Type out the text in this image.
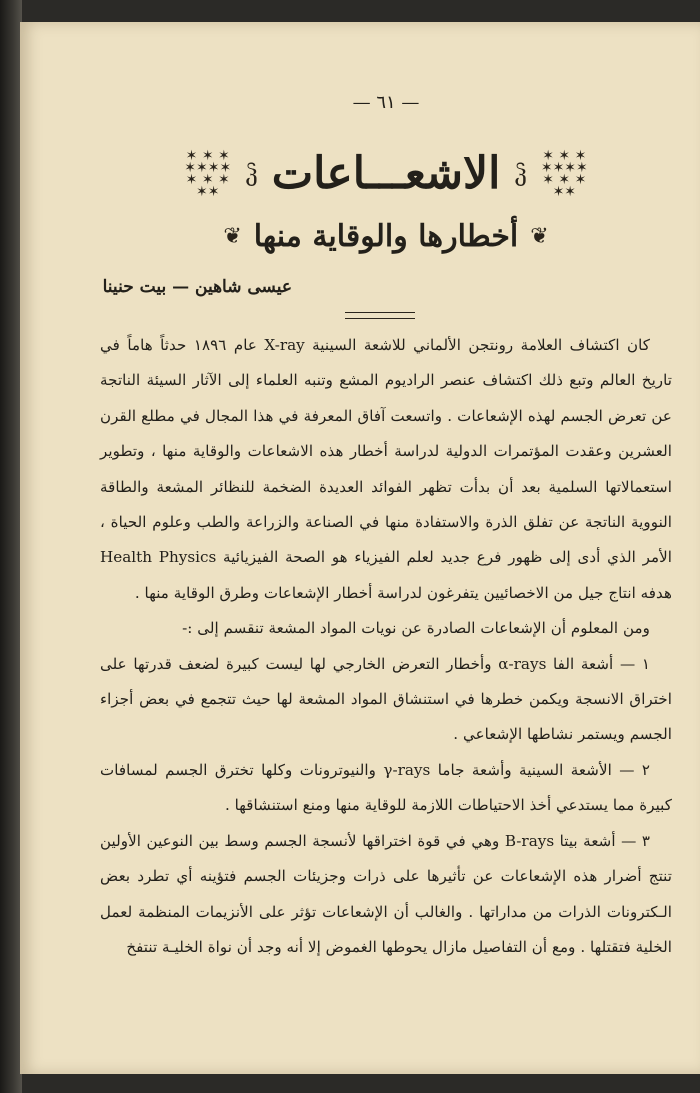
— ٦١ —
✶ ✶ ✶
✶✶✶✶
✶ ✶ ✶
✶✶
ჴ
الاشعـــاعات
ჴ
✶ ✶ ✶
✶✶✶✶
✶ ✶ ✶
✶✶
❦
أخطارها والوقاية منها
❦
عيسى شاهين — بيت حنينا

كان اكتشاف العلامة رونتجن الألماني للاشعة السينية X-ray عام ١٨٩٦ حدثاً هاماً في تاريخ العالم وتبع ذلك اكتشاف عنصر الراديوم المشع وتنبه العلماء إلى الآثار السيئة الناتجة عن تعرض الجسم لهذه الإشعاعات . واتسعت آفاق المعرفة في هذا المجال في مطلع القرن العشرين وعقدت المؤتمرات الدولية لدراسة أخطار هذه الاشعاعات والوقاية منها ، وتطوير استعمالاتها السلمية بعد أن بدأت تظهر الفوائد العديدة الضخمة للنظائر المشعة والطاقة النووية الناتجة عن تفلق الذرة والاستفادة منها في الصناعة والزراعة والطب وعلوم الحياة ، الأمر الذي أدى إلى ظهور فرع جديد لعلم الفيزياء هو الصحة الفيزيائية Health Physics هدفه انتاج جيل من الاخصائيين يتفرغون لدراسة أخطار الإشعاعات وطرق الوقاية منها .

ومن المعلوم أن الإشعاعات الصادرة عن نويات المواد المشعة تنقسم إلى :-

١ — أشعة الفا α-rays وأخطار التعرض الخارجي لها ليست كبيرة لضعف قدرتها على اختراق الانسجة ويكمن خطرها في استنشاق المواد المشعة لها حيث تتجمع في بعض أجزاء الجسم ويستمر نشاطها الإشعاعي .

٢ — الأشعة السينية وأشعة جاما γ-rays والنيوترونات وكلها تخترق الجسم لمسافات كبيرة مما يستدعي أخذ الاحتياطات اللازمة للوقاية منها ومنع استنشاقها .

٣ — أشعة بيتا B-rays وهي في قوة اختراقها لأنسجة الجسم وسط بين النوعين الأولين تنتج أضرار هذه الإشعاعات عن تأثيرها على ذرات وجزيئات الجسم فتؤينه أي تطرد بعض الـكترونات الذرات من مداراتها . والغالب أن الإشعاعات تؤثر على الأنزيمات المنظمة لعمل الخلية فتقتلها . ومع أن التفاصيل مازال يحوطها الغموض إلا أنه وجد أن نواة الخليـة تنتفخ
